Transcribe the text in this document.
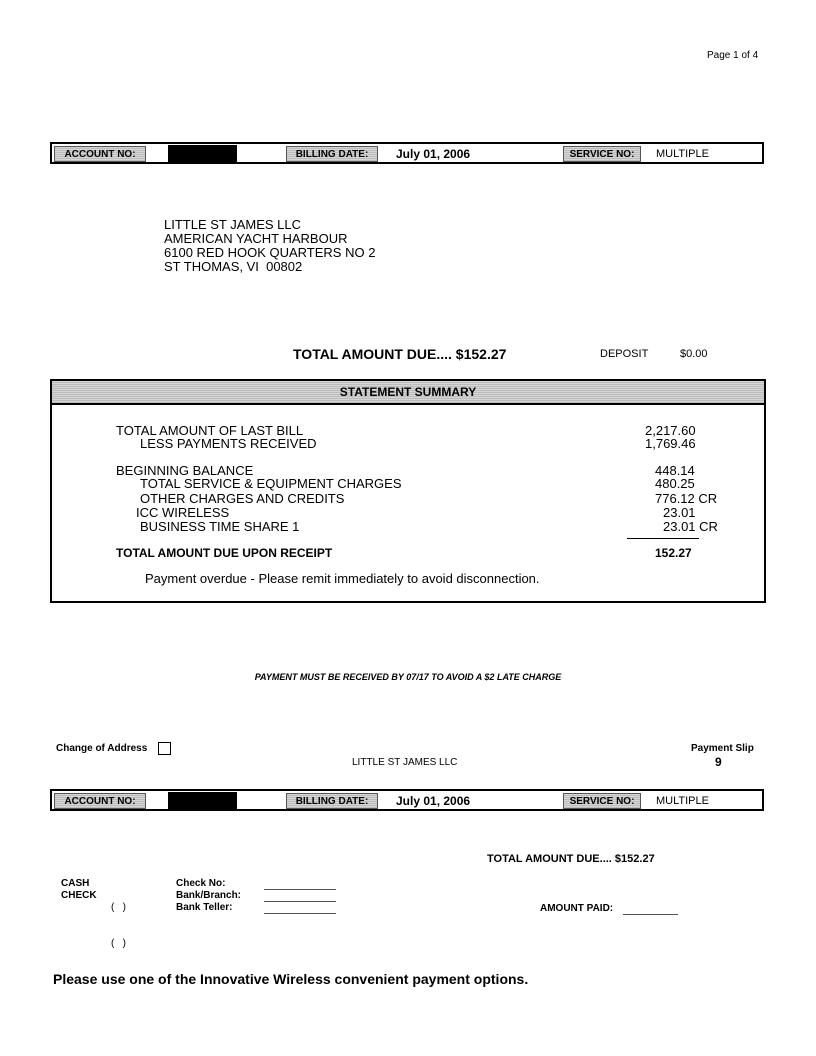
Page 1 of 4
ACCOUNT NO:	BILLING DATE:	July 01, 2006	SERVICE NO:	MULTIPLE
LITTLE ST JAMES LLC
AMERICAN YACHT HARBOUR
6100 RED HOOK QUARTERS NO 2
ST THOMAS, VI  00802
TOTAL AMOUNT DUE.... $152.27	DEPOSIT	$0.00
STATEMENT SUMMARY
TOTAL AMOUNT OF LAST BILL	2,217.60
LESS PAYMENTS RECEIVED	1,769.46
BEGINNING BALANCE	448.14
TOTAL SERVICE & EQUIPMENT CHARGES	480.25
OTHER CHARGES AND CREDITS	776.12 CR
ICC WIRELESS	23.01
BUSINESS TIME SHARE 1	23.01 CR
TOTAL AMOUNT DUE UPON RECEIPT	152.27
Payment overdue - Please remit immediately to avoid disconnection.
PAYMENT MUST BE RECEIVED BY 07/17 TO AVOID A $2 LATE CHARGE
Change of Address
LITTLE ST JAMES LLC
Payment Slip
9
ACCOUNT NO:	BILLING DATE:	July 01, 2006	SERVICE NO:	MULTIPLE
TOTAL AMOUNT DUE.... $152.27
CASH
CHECK

(   )

(   )

Check No:
Bank/Branch:
Bank Teller:	AMOUNT PAID:
Please use one of the Innovative Wireless convenient payment options.
